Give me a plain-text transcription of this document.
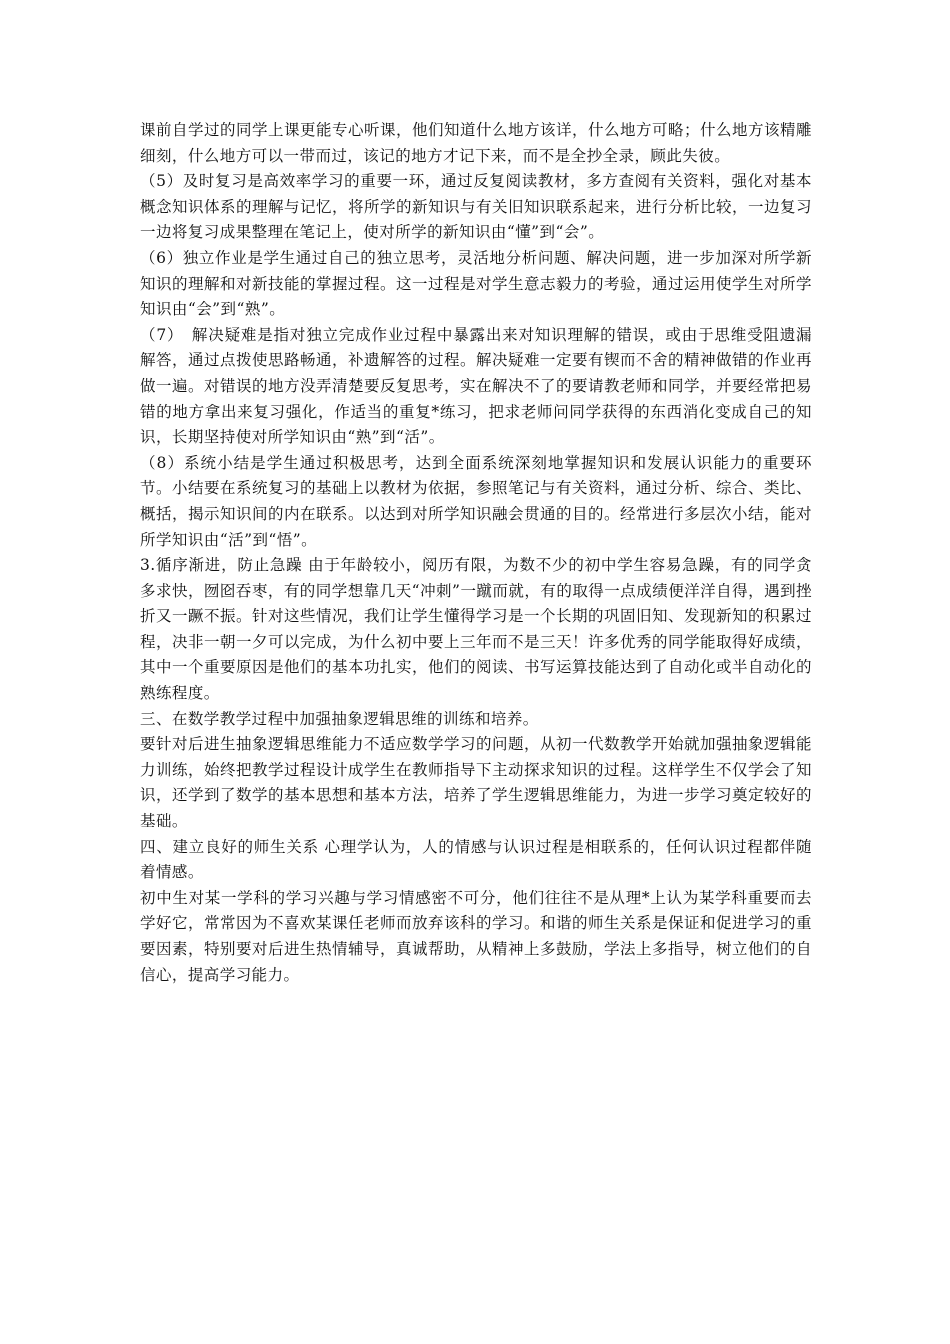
课前自学过的同学上课更能专心听课，他们知道什么地方该详，什么地方可略；什么地方该精雕细刻，什么地方可以一带而过，该记的地方才记下来，而不是全抄全录，顾此失彼。

（5）及时复习是高效率学习的重要一环，通过反复阅读教材，多方查阅有关资料，强化对基本概念知识体系的理解与记忆，将所学的新知识与有关旧知识联系起来，进行分析比较，一边复习一边将复习成果整理在笔记上，使对所学的新知识由“懂”到“会”。

（6）独立作业是学生通过自己的独立思考，灵活地分析问题、解决问题，进一步加深对所学新知识的理解和对新技能的掌握过程。这一过程是对学生意志毅力的考验，通过运用使学生对所学知识由“会”到“熟”。

（7）　解决疑难是指对独立完成作业过程中暴露出来对知识理解的错误，或由于思维受阻遗漏解答，通过点拨使思路畅通，补遗解答的过程。解决疑难一定要有锲而不舍的精神做错的作业再做一遍。对错误的地方没弄清楚要反复思考，实在解决不了的要请教老师和同学，并要经常把易错的地方拿出来复习强化，作适当的重复*练习，把求老师问同学获得的东西消化变成自己的知识，长期坚持使对所学知识由“熟”到“活”。

（8）系统小结是学生通过积极思考，达到全面系统深刻地掌握知识和发展认识能力的重要环节。小结要在系统复习的基础上以教材为依据，参照笔记与有关资料，通过分析、综合、类比、概括，揭示知识间的内在联系。以达到对所学知识融会贯通的目的。经常进行多层次小结，能对所学知识由“活”到“悟”。

3.循序渐进，防止急躁 由于年龄较小，阅历有限，为数不少的初中学生容易急躁，有的同学贪多求快，囫囵吞枣，有的同学想靠几天“冲刺”一蹴而就，有的取得一点成绩便洋洋自得，遇到挫折又一蹶不振。针对这些情况，我们让学生懂得学习是一个长期的巩固旧知、发现新知的积累过程，决非一朝一夕可以完成，为什么初中要上三年而不是三天！许多优秀的同学能取得好成绩，其中一个重要原因是他们的基本功扎实，他们的阅读、书写运算技能达到了自动化或半自动化的熟练程度。

三、在数学教学过程中加强抽象逻辑思维的训练和培养。

要针对后进生抽象逻辑思维能力不适应数学学习的问题，从初一代数教学开始就加强抽象逻辑能力训练，始终把教学过程设计成学生在教师指导下主动探求知识的过程。这样学生不仅学会了知识，还学到了数学的基本思想和基本方法，培养了学生逻辑思维能力，为进一步学习奠定较好的基础。

四、建立良好的师生关系 心理学认为，人的情感与认识过程是相联系的，任何认识过程都伴随着情感。

初中生对某一学科的学习兴趣与学习情感密不可分，他们往往不是从理*上认为某学科重要而去学好它，常常因为不喜欢某课任老师而放弃该科的学习。和谐的师生关系是保证和促进学习的重要因素，特别要对后进生热情辅导，真诚帮助，从精神上多鼓励，学法上多指导，树立他们的自信心，提高学习能力。
